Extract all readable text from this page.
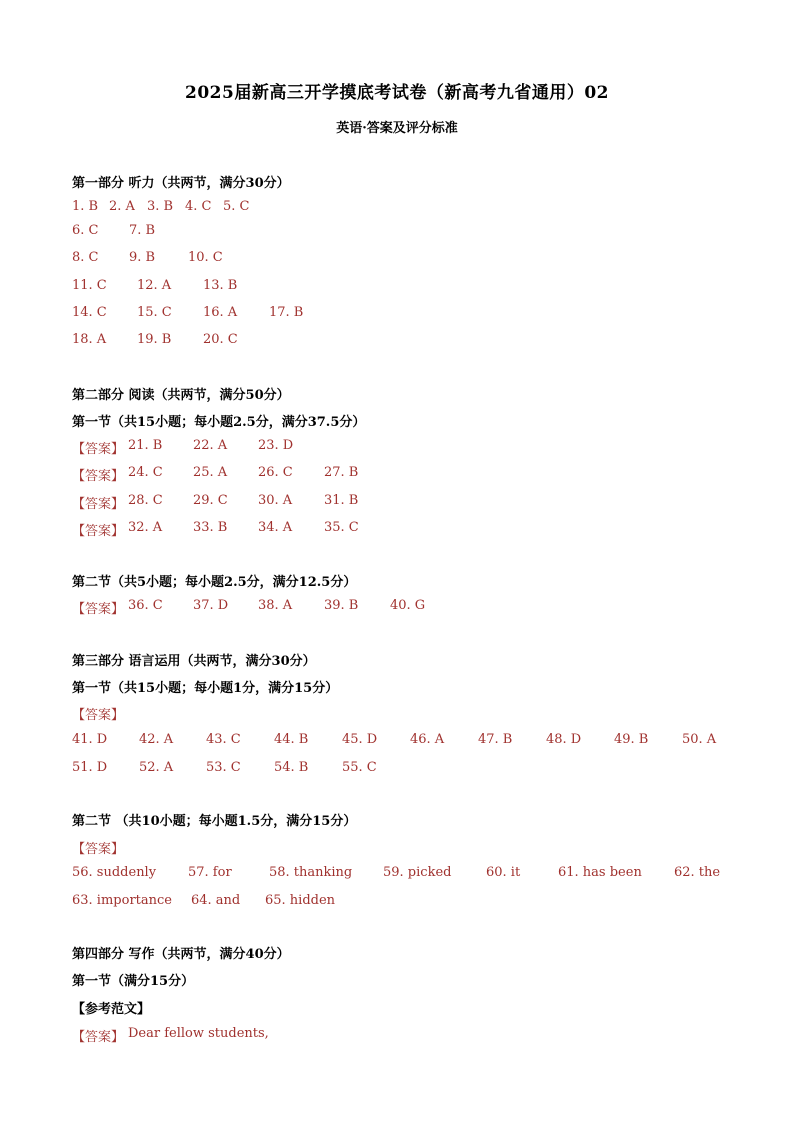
2025届新高三开学摸底考试卷（新高考九省通用）02
英语·答案及评分标准
第一部分 听力（共两节，满分30分）
1. B 2. A 3. B 4. C 5. C
6. C 7. B
8. C 9. B	10. C
11. C 12. A 13. B
14. C 15. C 16. A 17. B
18. A 19. B 20. C
第二部分 阅读（共两节，满分50分）
第一节（共15小题；每小题2.5分，满分37.5分）
【答案】 21. B 22. A 23. D
【答案】 24. C 25. A 26. C 27. B
【答案】 28. C 29. C 30. A 31. B
【答案】 32. A 33. B 34. A 35. C
第二节（共5小题；每小题2.5分，满分12.5分）
【答案】 36. C 37. D 38. A 39. B 40. G
第三部分 语言运用（共两节，满分30分）
第一节（共15小题；每小题1分，满分15分）
【答案】
41. D 42. A	43. C	44. B	45. D	46. A	47. B	48. D	49. B	50. A
51. D 52. A	53. C	54. B	55. C
第二节 （共10小题；每小题1.5分，满分15分）
【答案】
56. suddenly 57. for	58. thanking 59. picked	60. it	61. has been 62. the
63. importance 64. and 65. hidden
第四部分 写作（共两节，满分40分）
第一节（满分15分）
【参考范文】
【答案】 Dear fellow students,
